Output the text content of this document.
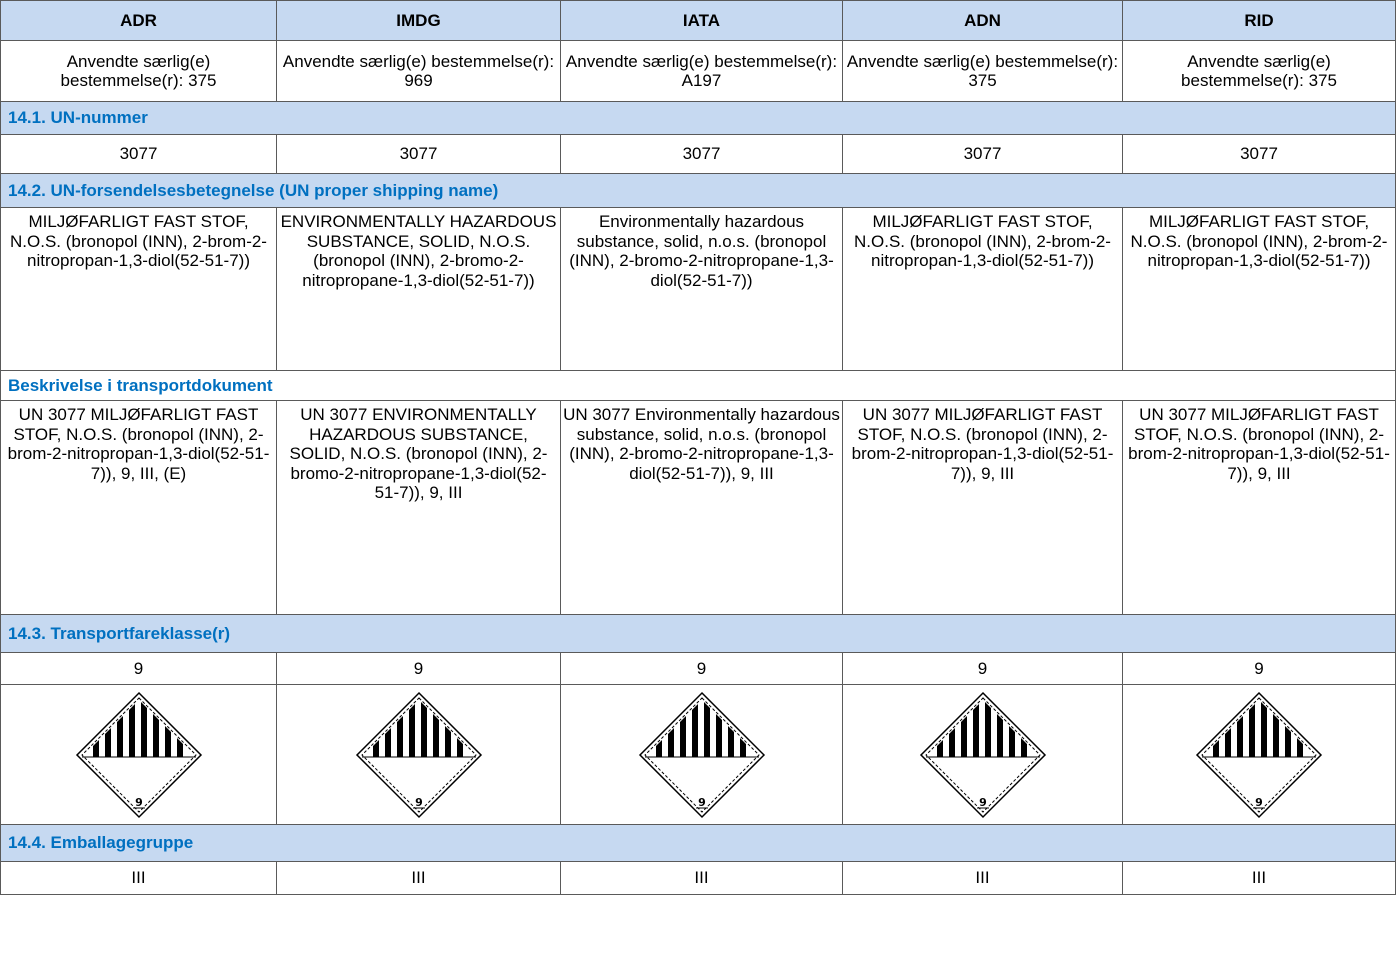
ADR	IMDG	IATA	ADN	RID
Anvendte særlig(e) bestemmelse(r): 375	Anvendte særlig(e) bestemmelse(r): 969	Anvendte særlig(e) bestemmelse(r): A197	Anvendte særlig(e) bestemmelse(r): 375	Anvendte særlig(e) bestemmelse(r): 375
14.1. UN-nummer				
3077	3077	3077	3077	3077
14.2. UN-forsendelsesbetegnelse (UN proper shipping name)				
MILJØFARLIGT FAST STOF, N.O.S. (bronopol (INN), 2-brom-2-nitropropan-1,3-diol(52-51-7))	ENVIRONMENTALLY HAZARDOUS SUBSTANCE, SOLID, N.O.S. (bronopol (INN), 2-bromo-2-nitropropane-1,3-diol(52-51-7))	Environmentally hazardous substance, solid, n.o.s. (bronopol (INN), 2-bromo-2-nitropropane-1,3-diol(52-51-7))	MILJØFARLIGT FAST STOF, N.O.S. (bronopol (INN), 2-brom-2-nitropropan-1,3-diol(52-51-7))	MILJØFARLIGT FAST STOF, N.O.S. (bronopol (INN), 2-brom-2-nitropropan-1,3-diol(52-51-7))
Beskrivelse i transportdokument				
UN 3077 MILJØFARLIGT FAST STOF, N.O.S. (bronopol (INN), 2-brom-2-nitropropan-1,3-diol(52-51-7)), 9, III, (E)	UN 3077 ENVIRONMENTALLY HAZARDOUS SUBSTANCE, SOLID, N.O.S. (bronopol (INN), 2-bromo-2-nitropropane-1,3-diol(52-51-7)), 9, III	UN 3077 Environmentally hazardous substance, solid, n.o.s. (bronopol (INN), 2-bromo-2-nitropropane-1,3-diol(52-51-7)), 9, III	UN 3077 MILJØFARLIGT FAST STOF, N.O.S. (bronopol (INN), 2-brom-2-nitropropan-1,3-diol(52-51-7)), 9, III	UN 3077 MILJØFARLIGT FAST STOF, N.O.S. (bronopol (INN), 2-brom-2-nitropropan-1,3-diol(52-51-7)), 9, III
14.3. Transportfareklasse(r)				
9	9	9	9	9

9	9	9	9	9

14.4. Emballagegruppe				
III	III	III	III	III
